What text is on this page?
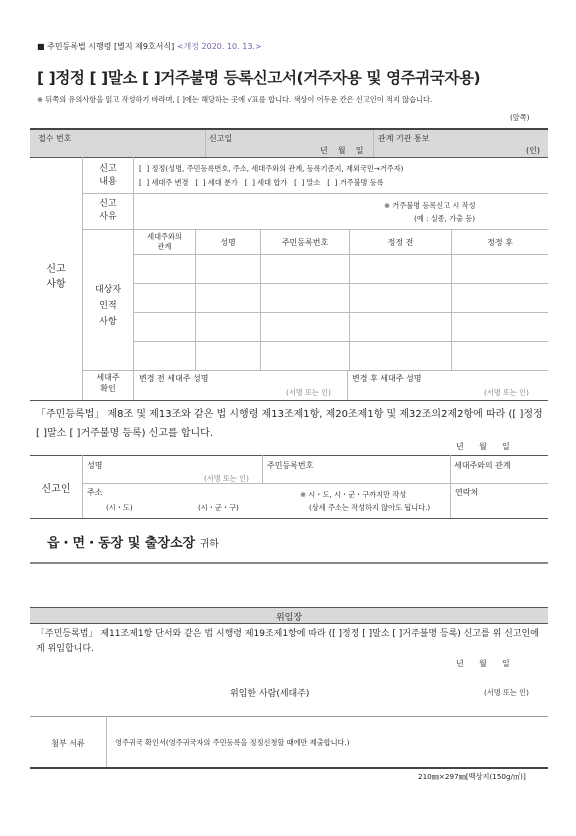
■ 주민등록법 시행령 [별지 제9호서식] <개정 2020. 10. 13.>
[ ]정정 [ ]말소 [ ]거주불명 등록신고서(거주자용 및 영주귀국자용)
※ 뒤쪽의 유의사항을 읽고 작성하기 바라며, [ ]에는 해당하는 곳에 √표를 합니다. 색상이 어두운 칸은 신고인이 적지 않습니다.
(앞쪽)
접수 번호	신고일
년    월    일
관계 기관 통보
(인)
신고
사항
신고
내용
[  ] 정정(성명, 주민등록번호, 주소, 세대주와의 관계, 등록기준지, 재외국민→거주자)
[  ] 세대주 변경   [  ] 세대 분가   [  ] 세대 합가   [  ] 말소   [  ] 거주불명 등록
신고
사유
※ 거주불명 등록신고 시 작성
(예 : 실종, 가출 등)
대상자
인적
사항
세대주와의
관계	성명	주민등록번호	정정 전	정정 후
세대주
확인
변경 전 세대주 성명
(서명 또는 인)
변경 후 세대주 성명
(서명 또는 인)
「주민등록법」 제8조 및 제13조와 같은 법 시행령 제13조제1항, 제20조제1항 및 제32조의2제2항에 따라 ([ ]정정 [ ]말소 [ ]거주불명 등록) 신고를 합니다.
년      월      일
신고인
성명
(서명 또는 인)
주민등록번호	세대주와의 관계
주소
(시・도)	(시・군・구)
※ 시・도, 시・군・구까지만 작성
(상세 주소는 작성하지 않아도 됩니다.)
연락처
읍・면・동장 및 출장소장 귀하
위임장
「주민등록법」 제11조제1항 단서와 같은 법 시행령 제19조제1항에 따라 ([ ]정정 [ ]말소 [ ]거주불명 등록) 신고를 위 신고인에게 위임합니다.
년      월      일
위임한 사람(세대주)	(서명 또는 인)
첨부 서류	영주귀국 확인서(영주귀국자의 주민등록을 정정신청할 때에만 제출합니다.)
210㎜×297㎜[백상지(150g/㎡)]
